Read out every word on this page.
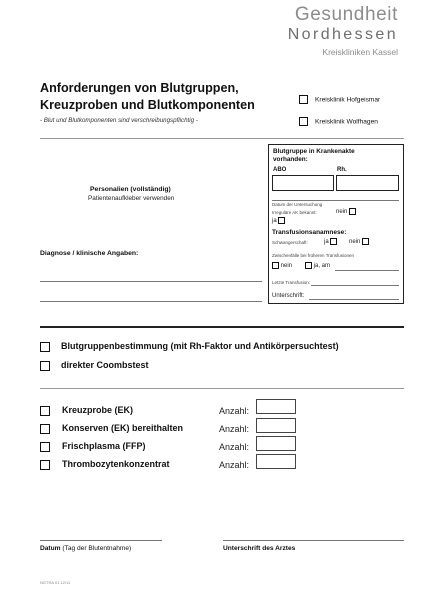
Gesundheit
Nordhessen
Kreiskliniken Kassel
Anforderungen von Blutgruppen,
Kreuzproben und Blutkomponenten
- Blut und Blutkomponenten sind verschreibungspflichtig -
Kreisklinik Hofgeismar
Kreisklinik Wolfhagen
Personalien (vollständig)
Patientenaufkleber verwenden
Diagnose / klinische Angaben:
Blutgruppe in Krankenakte
vorhanden:
ABO	Rh.
Datum der Untersuchung
Irreguläre AK bekannt:	nein
ja
Transfusionsanamnese:
Schwangerschaft:	ja	nein
Zwischenfälle bei früheren Transfusionen
nein	ja, am
Letzte Transfusion:
Unterschrift:
Blutgruppenbestimmung (mit Rh-Faktor und Antikörpersuchtest)
direkter Coombstest
Kreuzprobe (EK)	Anzahl:
Konserven (EK) bereithalten	Anzahl:
Frischplasma (FFP)	Anzahl:
Thrombozytenkonzentrat	Anzahl:
Datum (Tag der Blutentnahme)	Unterschrift des Arztes
NGTRA 01 12/11
